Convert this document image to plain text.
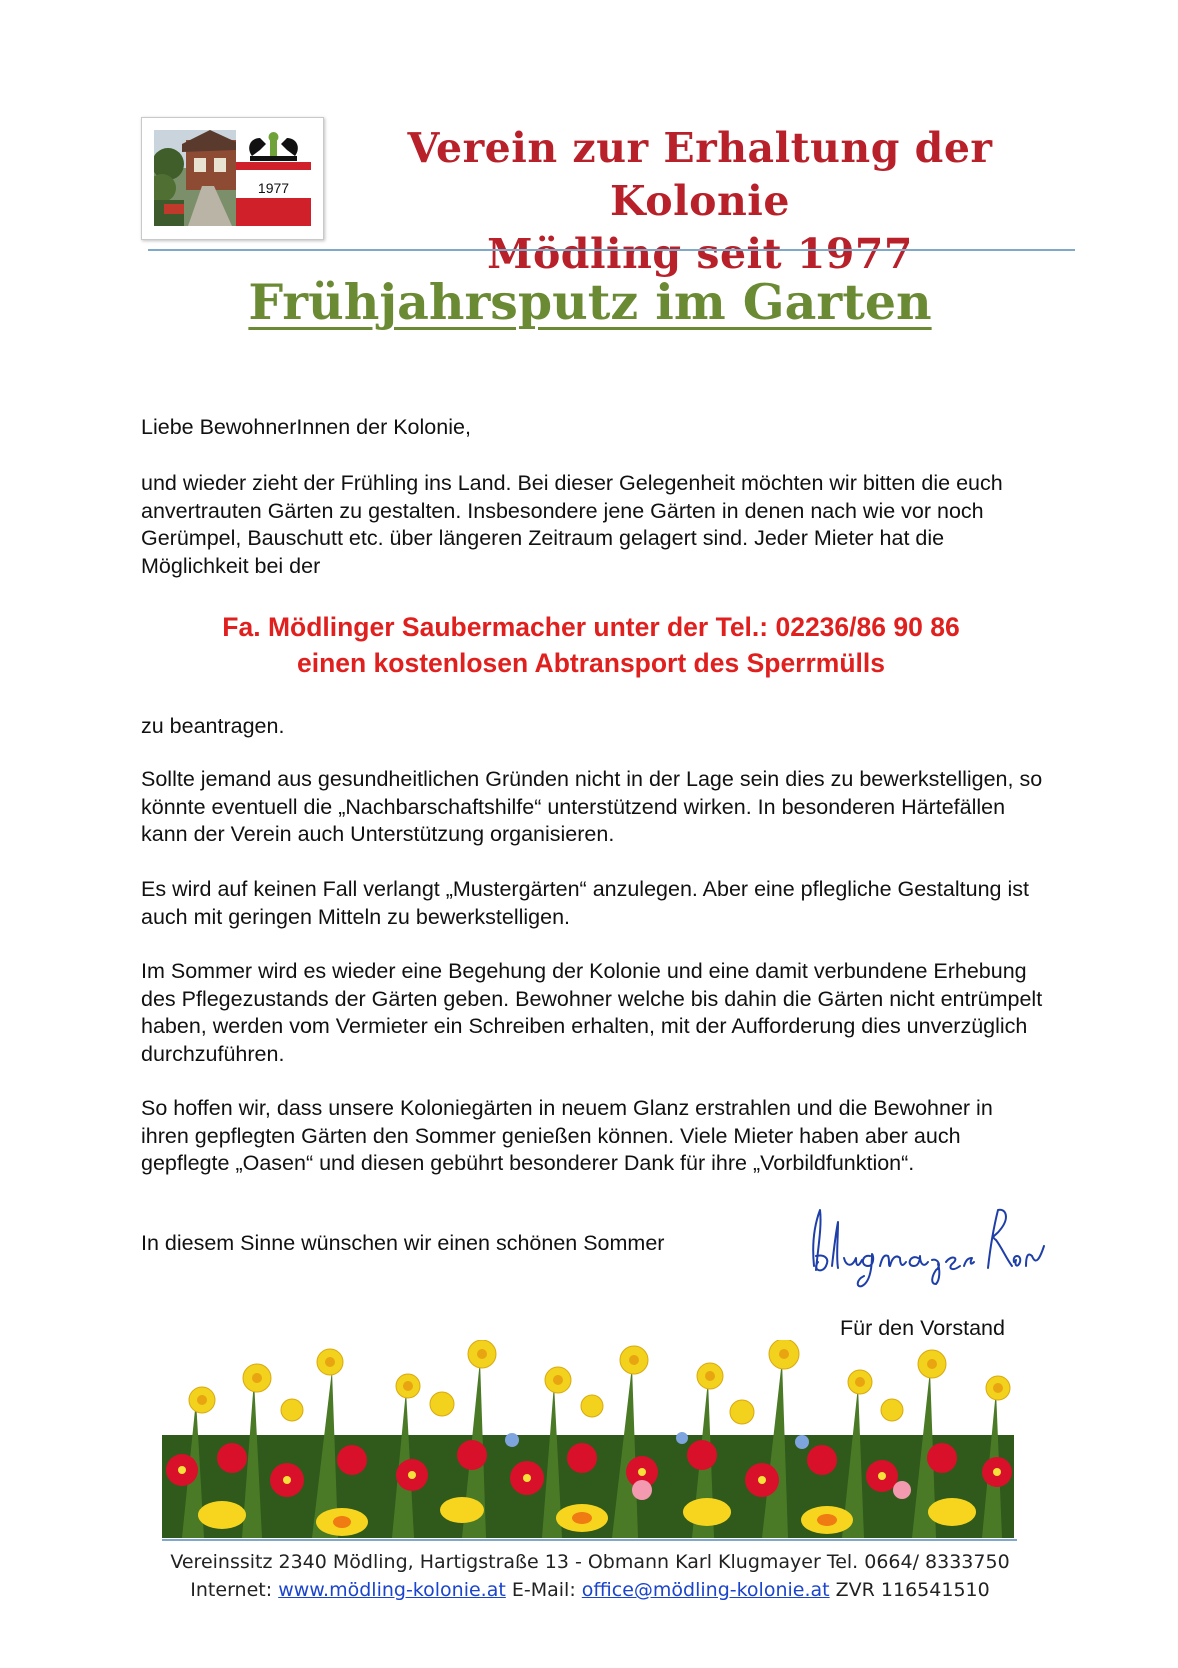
1977
Verein zur Erhaltung der Kolonie
Mödling seit 1977
Frühjahrsputz im Garten
Liebe BewohnerInnen der Kolonie,
und wieder zieht der Frühling ins Land. Bei dieser Gelegenheit möchten wir bitten die euch anvertrauten Gärten zu gestalten. Insbesondere jene Gärten in denen nach wie vor noch Gerümpel, Bauschutt etc. über längeren Zeitraum gelagert sind. Jeder Mieter hat die Möglichkeit bei der
Fa. Mödlinger Saubermacher unter der Tel.: 02236/86 90 86
einen kostenlosen Abtransport des Sperrmülls
zu beantragen.
Sollte jemand aus gesundheitlichen Gründen nicht in der Lage sein dies zu bewerkstelligen, so könnte eventuell die „Nachbarschaftshilfe“ unterstützend wirken. In besonderen Härtefällen kann der Verein auch Unterstützung organisieren.
Es wird auf keinen Fall verlangt „Mustergärten“ anzulegen. Aber eine pflegliche Gestaltung ist auch mit geringen Mitteln zu bewerkstelligen.
Im Sommer wird es wieder eine Begehung der Kolonie und eine damit verbundene Erhebung des Pflegezustands der Gärten geben. Bewohner welche bis dahin die Gärten nicht entrümpelt haben, werden vom Vermieter ein Schreiben erhalten, mit der Aufforderung dies unverzüglich durchzuführen.
So hoffen wir, dass unsere Koloniegärten in neuem Glanz erstrahlen und die Bewohner in ihren gepflegten Gärten den Sommer genießen können. Viele Mieter haben aber auch gepflegte „Oasen“ und diesen gebührt besonderer Dank für ihre „Vorbildfunktion“.
In diesem Sinne wünschen wir einen schönen Sommer
Für den Vorstand
Vereinssitz 2340 Mödling, Hartigstraße 13 - Obmann Karl Klugmayer Tel. 0664/ 8333750
Internet: www.mödling-kolonie.at E-Mail: office@mödling-kolonie.at ZVR 116541510
